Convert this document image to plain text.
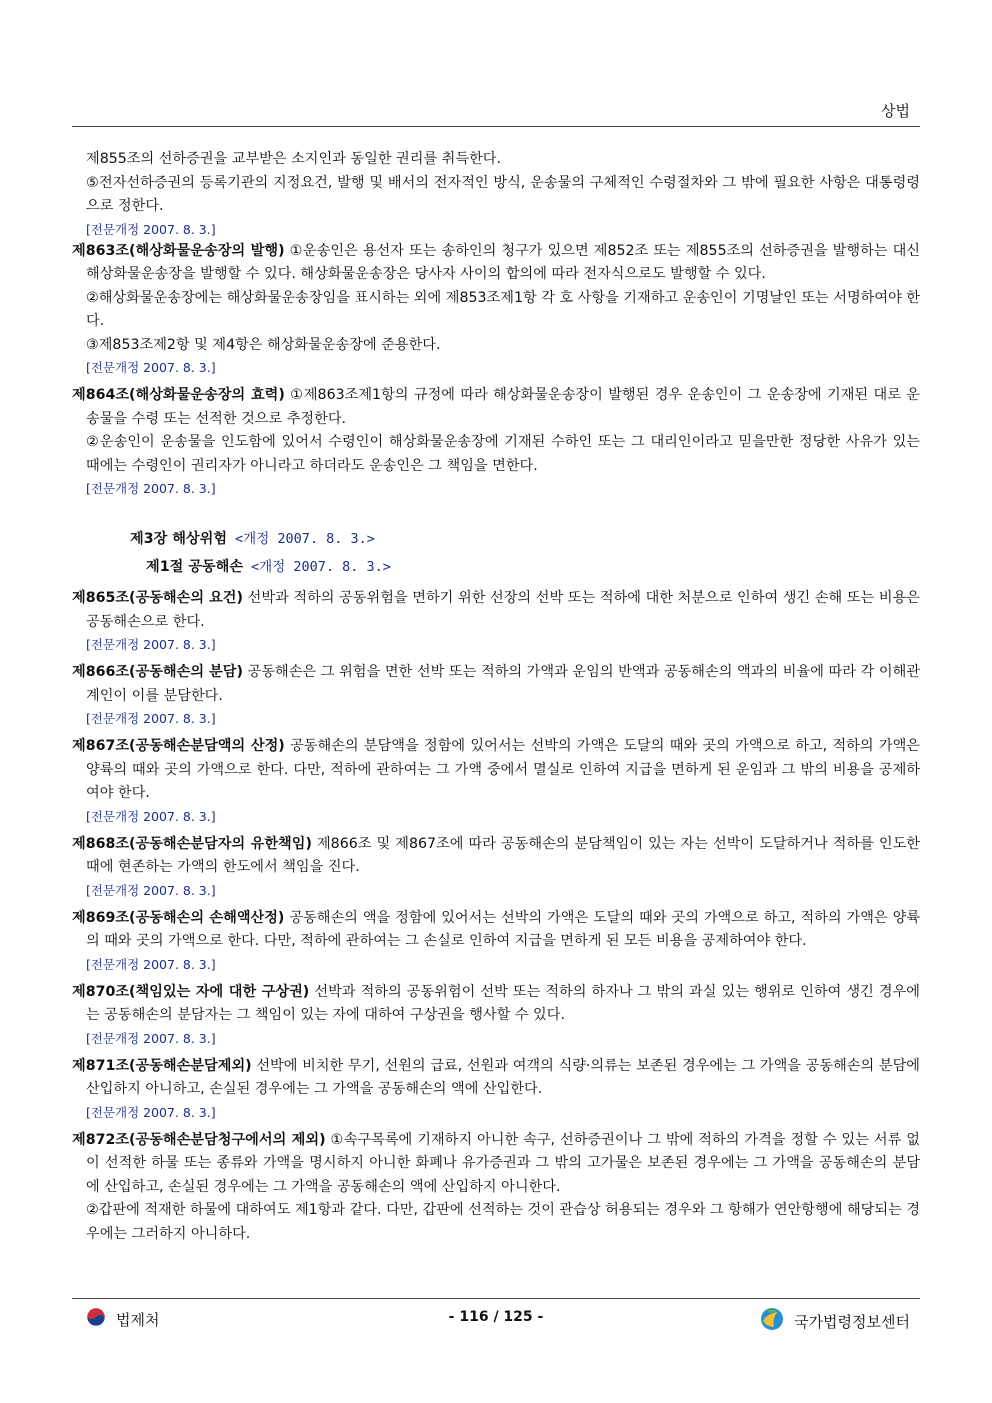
상법

제855조의 선하증권을 교부받은 소지인과 동일한 권리를 취득한다.

⑤전자선하증권의 등록기관의 지정요건, 발행 및 배서의 전자적인 방식, 운송물의 구체적인 수령절차와 그 밖에 필요한 사항은 대통령령으로 정한다.

[전문개정 2007. 8. 3.]

제863조(해상화물운송장의 발행) ①운송인은 용선자 또는 송하인의 청구가 있으면 제852조 또는 제855조의 선하증권을 발행하는 대신 해상화물운송장을 발행할 수 있다. 해상화물운송장은 당사자 사이의 합의에 따라 전자식으로도 발행할 수 있다.

②해상화물운송장에는 해상화물운송장임을 표시하는 외에 제853조제1항 각 호 사항을 기재하고 운송인이 기명날인 또는 서명하여야 한다.

③제853조제2항 및 제4항은 해상화물운송장에 준용한다.

[전문개정 2007. 8. 3.]

제864조(해상화물운송장의 효력) ①제863조제1항의 규정에 따라 해상화물운송장이 발행된 경우 운송인이 그 운송장에 기재된 대로 운송물을 수령 또는 선적한 것으로 추정한다.

②운송인이 운송물을 인도함에 있어서 수령인이 해상화물운송장에 기재된 수하인 또는 그 대리인이라고 믿을만한 정당한 사유가 있는 때에는 수령인이 권리자가 아니라고 하더라도 운송인은 그 책임을 면한다.

[전문개정 2007. 8. 3.]

제3장 해상위험 <개정 2007. 8. 3.>
제1절 공동해손 <개정 2007. 8. 3.>

제865조(공동해손의 요건) 선박과 적하의 공동위험을 면하기 위한 선장의 선박 또는 적하에 대한 처분으로 인하여 생긴 손해 또는 비용은 공동해손으로 한다.

[전문개정 2007. 8. 3.]

제866조(공동해손의 분담) 공동해손은 그 위험을 면한 선박 또는 적하의 가액과 운임의 반액과 공동해손의 액과의 비율에 따라 각 이해관계인이 이를 분담한다.

[전문개정 2007. 8. 3.]

제867조(공동해손분담액의 산정) 공동해손의 분담액을 정함에 있어서는 선박의 가액은 도달의 때와 곳의 가액으로 하고, 적하의 가액은 양륙의 때와 곳의 가액으로 한다. 다만, 적하에 관하여는 그 가액 중에서 멸실로 인하여 지급을 면하게 된 운임과 그 밖의 비용을 공제하여야 한다.

[전문개정 2007. 8. 3.]

제868조(공동해손분담자의 유한책임) 제866조 및 제867조에 따라 공동해손의 분담책임이 있는 자는 선박이 도달하거나 적하를 인도한 때에 현존하는 가액의 한도에서 책임을 진다.

[전문개정 2007. 8. 3.]

제869조(공동해손의 손해액산정) 공동해손의 액을 정함에 있어서는 선박의 가액은 도달의 때와 곳의 가액으로 하고, 적하의 가액은 양륙의 때와 곳의 가액으로 한다. 다만, 적하에 관하여는 그 손실로 인하여 지급을 면하게 된 모든 비용을 공제하여야 한다.

[전문개정 2007. 8. 3.]

제870조(책임있는 자에 대한 구상권) 선박과 적하의 공동위험이 선박 또는 적하의 하자나 그 밖의 과실 있는 행위로 인하여 생긴 경우에는 공동해손의 분담자는 그 책임이 있는 자에 대하여 구상권을 행사할 수 있다.

[전문개정 2007. 8. 3.]

제871조(공동해손분담제외) 선박에 비치한 무기, 선원의 급료, 선원과 여객의 식량·의류는 보존된 경우에는 그 가액을 공동해손의 분담에 산입하지 아니하고, 손실된 경우에는 그 가액을 공동해손의 액에 산입한다.

[전문개정 2007. 8. 3.]

제872조(공동해손분담청구에서의 제외) ①속구목록에 기재하지 아니한 속구, 선하증권이나 그 밖에 적하의 가격을 정할 수 있는 서류 없이 선적한 하물 또는 종류와 가액을 명시하지 아니한 화폐나 유가증권과 그 밖의 고가물은 보존된 경우에는 그 가액을 공동해손의 분담에 산입하고, 손실된 경우에는 그 가액을 공동해손의 액에 산입하지 아니한다.

②갑판에 적재한 하물에 대하여도 제1항과 같다. 다만, 갑판에 선적하는 것이 관습상 허용되는 경우와 그 항해가 연안항행에 해당되는 경우에는 그러하지 아니하다.

법제처	- 116 / 125 -	국가법령정보센터
